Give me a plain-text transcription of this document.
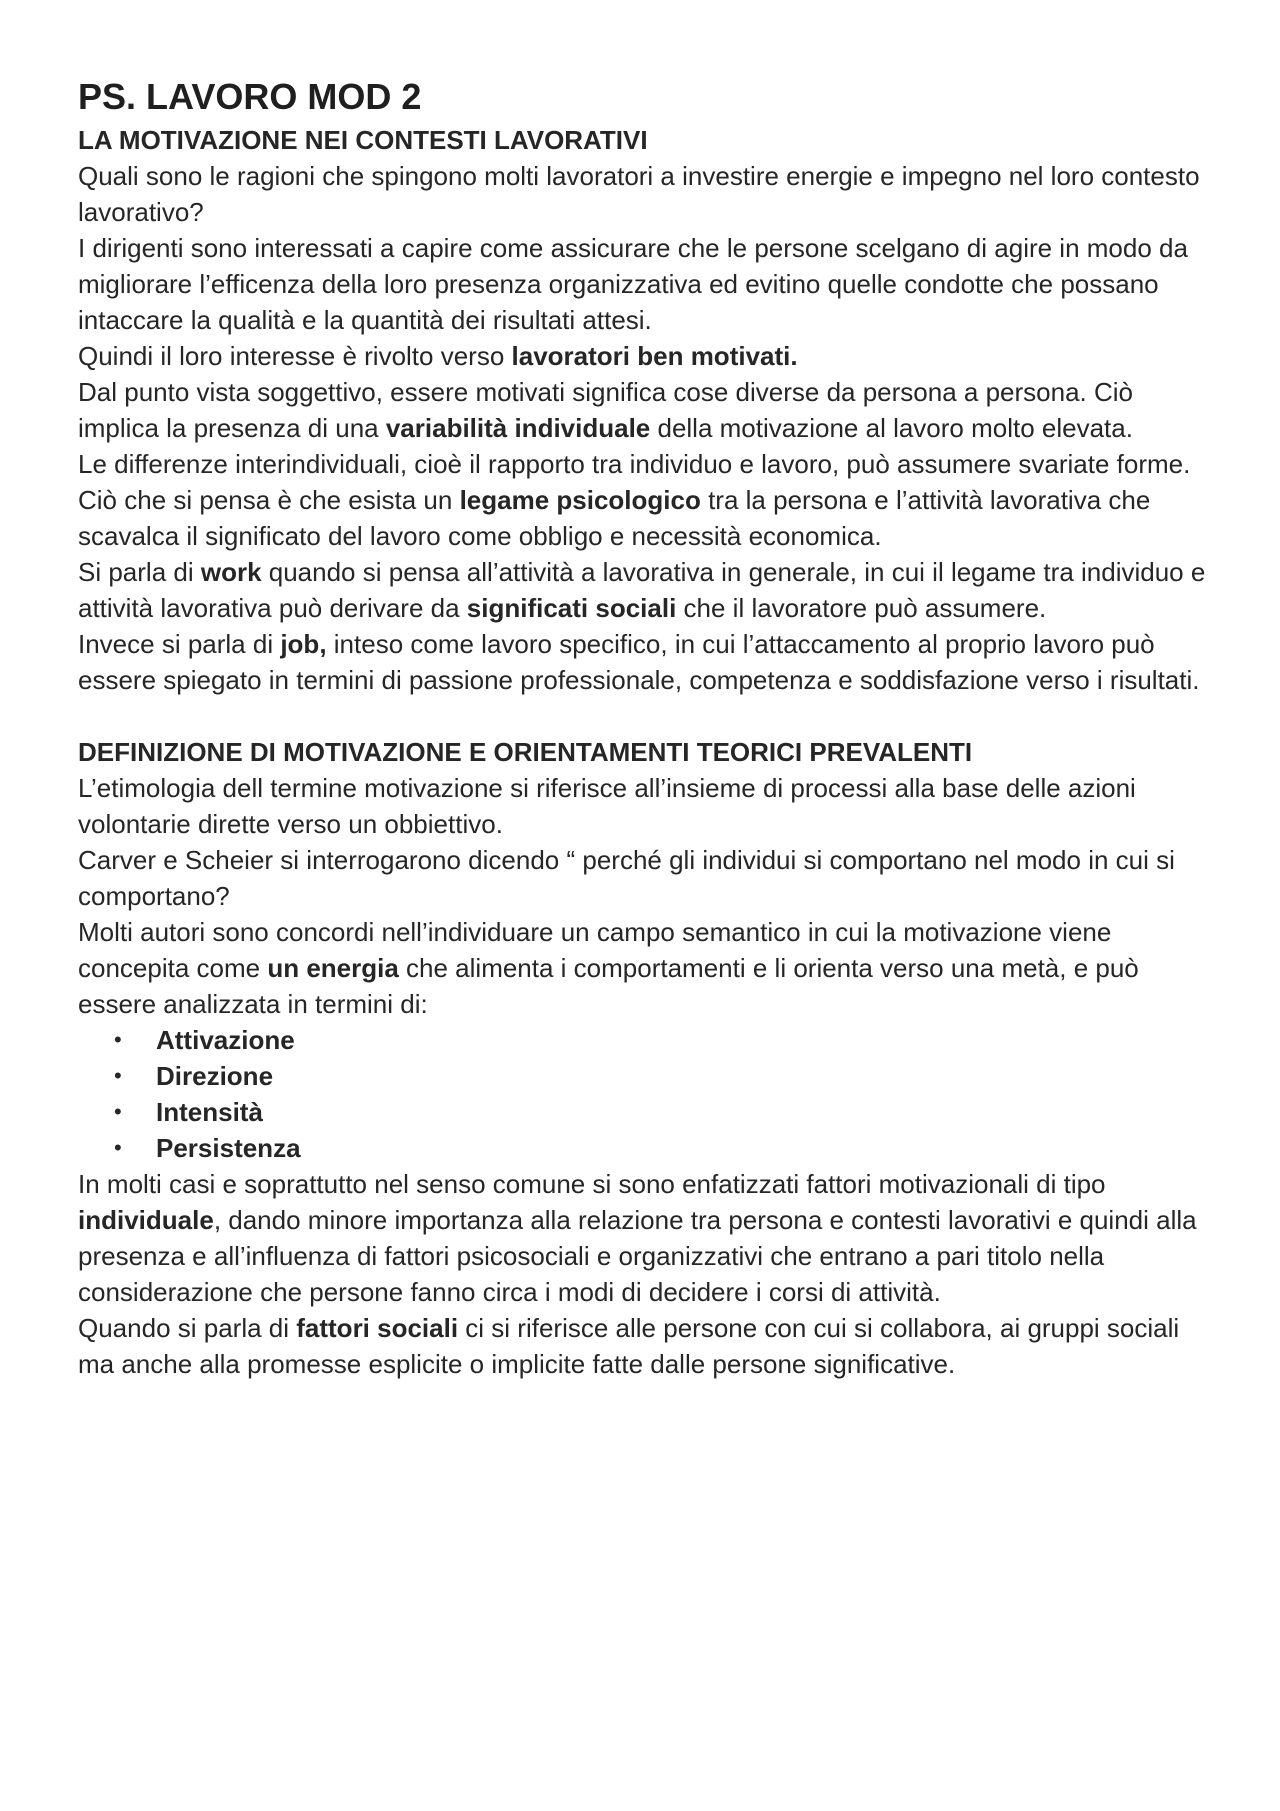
PS. LAVORO MOD 2
LA MOTIVAZIONE NEI CONTESTI LAVORATIVI

Quali sono le ragioni che spingono molti lavoratori a investire energie e impegno nel loro contesto lavorativo?

I dirigenti sono interessati a capire come assicurare che le persone scelgano di agire in modo da migliorare l’efficenza della loro presenza organizzativa ed evitino quelle condotte che possano intaccare la qualità e la quantità dei risultati attesi.

Quindi il loro interesse è rivolto verso lavoratori ben motivati.

Dal punto vista soggettivo, essere motivati significa cose diverse da persona a persona. Ciò implica la presenza di una variabilità individuale della motivazione al lavoro molto elevata.

Le differenze interindividuali, cioè il rapporto tra individuo e lavoro, può assumere svariate forme.

Ciò che si pensa è che esista un legame psicologico tra la persona e l’attività lavorativa che scavalca il significato del lavoro come obbligo e necessità economica.

Si parla di work quando si pensa all’attività a lavorativa in generale, in cui il legame tra individuo e attività lavorativa può derivare da significati sociali che il lavoratore può assumere.

Invece si parla di job, inteso come lavoro specifico, in cui l’attaccamento al proprio lavoro può essere spiegato in termini di passione professionale, competenza e soddisfazione verso i risultati.

DEFINIZIONE DI MOTIVAZIONE E ORIENTAMENTI TEORICI PREVALENTI

L’etimologia dell termine motivazione si riferisce all’insieme di processi alla base delle azioni volontarie dirette verso un obbiettivo.

Carver e Scheier si interrogarono dicendo “ perché gli individui si comportano nel modo in cui si comportano?

Molti autori sono concordi nell’individuare un campo semantico in cui la motivazione viene concepita come un energia che alimenta i comportamenti e li orienta verso una metà, e può essere analizzata in termini di:

• Attivazione
• Direzione
• Intensità
• Persistenza

In molti casi e soprattutto nel senso comune si sono enfatizzati fattori motivazionali di tipo individuale, dando minore importanza alla relazione tra persona e contesti lavorativi e quindi alla presenza e all’influenza di fattori psicosociali e organizzativi che entrano a pari titolo nella considerazione che persone fanno circa i modi di decidere i corsi di attività.

Quando si parla di fattori sociali ci si riferisce alle persone con cui si collabora, ai gruppi sociali ma anche alla promesse esplicite o implicite fatte dalle persone significative.
